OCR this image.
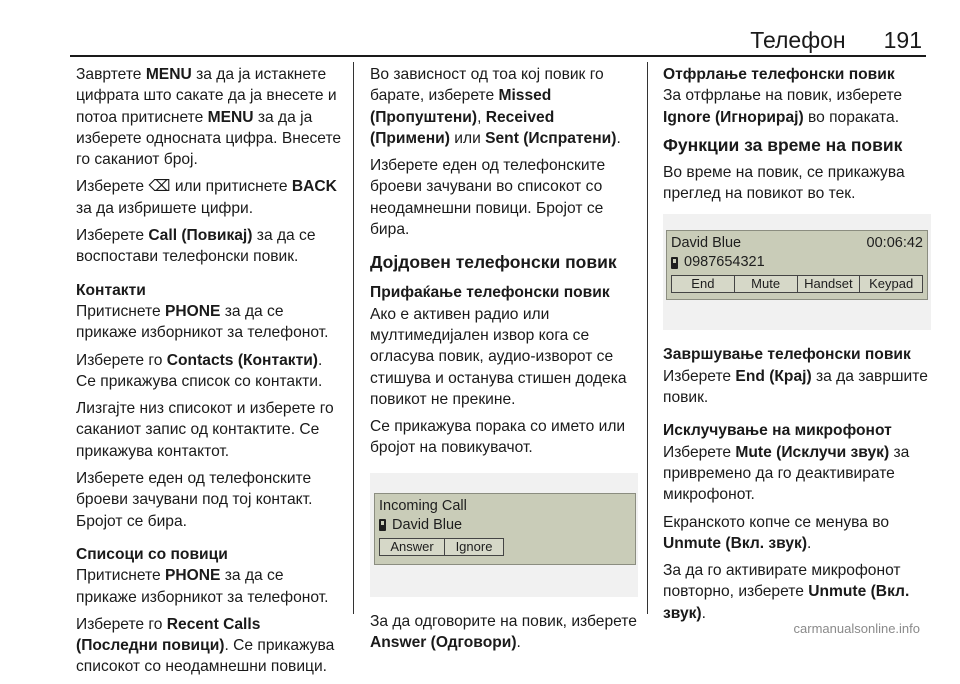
Телефон 191

Завртете MENU за да ја истакнете цифрата што сакате да ја внесете и потоа притиснете MENU за да ја изберете односната цифра. Внесете го саканиот број.

Изберете ⌫ или притиснете BACK за да избришете цифри.

Изберете Call (Повикај) за да се воспостави телефонски повик.

Контакти

Притиснете PHONE за да се прикаже изборникот за телефонот.

Изберете го Contacts (Контакти). Се прикажува список со контакти.

Лизгајте низ списокот и изберете го саканиот запис од контактите. Се прикажува контактот.

Изберете еден од телефонските броеви зачувани под тој контакт. Бројот се бира.

Списоци со повици

Притиснете PHONE за да се прикаже изборникот за телефонот.

Изберете го Recent Calls (Последни повици). Се прикажува списокот со неодамнешни повици.

Во зависност од тоа кој повик го барате, изберете Missed (Пропуштени), Received (Примени) или Sent (Испратени).

Изберете еден од телефонските броеви зачувани во списокот со неодамнешни повици. Бројот се бира.

Дојдовен телефонски повик
Прифаќање телефонски повик

Ако е активен радио или мултимедијален извор кога се огласува повик, аудио-изворот се стишува и останува стишен додека повикот не прекине.

Се прикажува порака со името или бројот на повикувачот.

Incoming Call
David Blue
Answer	Ignore

За да одговорите на повик, изберете Answer (Одговори).

Отфрлање телефонски повик

За отфрлање на повик, изберете Ignore (Игнорирај) во пораката.

Функции за време на повик

Во време на повик, се прикажува преглед на повикот во тек.

David Blue	00:06:42
0987654321
End	Mute	Handset	Keypad
Завршување телефонски повик

Изберете End (Крај) за да завршите повик.

Исклучување на микрофонот

Изберете Mute (Исклучи звук) за привремено да го деактивирате микрофонот.

Екранското копче се менува во Unmute (Вкл. звук).

За да го активирате микрофонот повторно, изберете Unmute (Вкл. звук).

carmanualsonline.info
